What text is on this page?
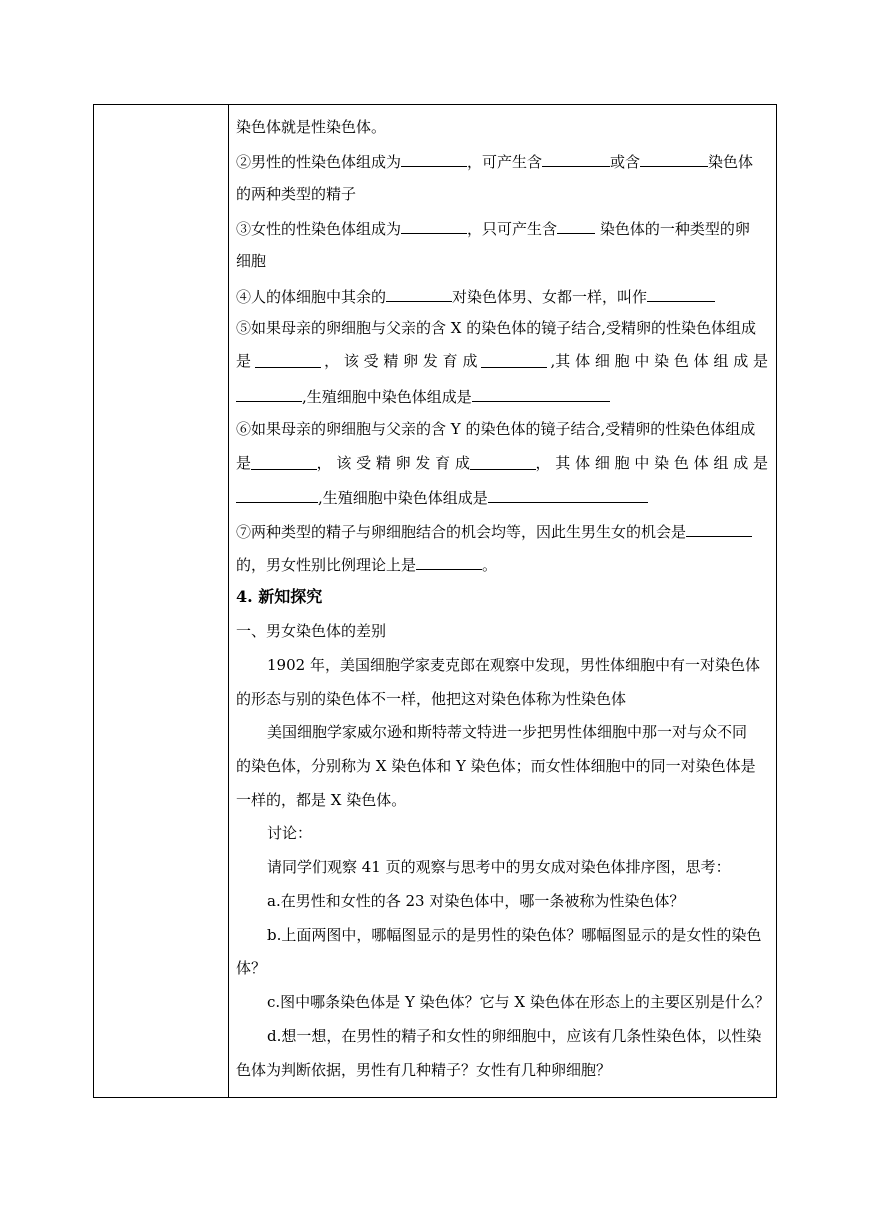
染色体就是性染色体。
②男性的性染色体组成为	，可产生含	或含	染色体
的两种类型的精子
③女性的性染色体组成为	，只可产生含	染色体的一种类型的卵
细胞
④人的体细胞中其余的	对染色体男、女都一样，叫作
⑤如果母亲的卵细胞与父亲的含 X 的染色体的镜子结合,受精卵的性染色体组成
是	， 该 受 精 卵 发 育 成	,其 体 细 胞 中 染 色 体 组 成 是
,生殖细胞中染色体组成是
⑥如果母亲的卵细胞与父亲的含 Y 的染色体的镜子结合,受精卵的性染色体组成
是	， 该 受 精 卵 发 育 成	， 其 体 细 胞 中 染 色 体 组 成 是
,生殖细胞中染色体组成是
⑦两种类型的精子与卵细胞结合的机会均等，因此生男生女的机会是
的，男女性别比例理论上是	。
4. 新知探究
一、男女染色体的差别
1902 年，美国细胞学家麦克郎在观察中发现，男性体细胞中有一对染色体
的形态与别的染色体不一样，他把这对染色体称为性染色体
美国细胞学家威尔逊和斯特蒂文特进一步把男性体细胞中那一对与众不同
的染色体，分别称为 X 染色体和 Y 染色体；而女性体细胞中的同一对染色体是
一样的，都是 X 染色体。
讨论：
请同学们观察 41 页的观察与思考中的男女成对染色体排序图，思考：
a.在男性和女性的各 23 对染色体中，哪一条被称为性染色体？
b.上面两图中，哪幅图显示的是男性的染色体？哪幅图显示的是女性的染色
体？
c.图中哪条染色体是 Y 染色体？它与 X 染色体在形态上的主要区别是什么？
d.想一想，在男性的精子和女性的卵细胞中，应该有几条性染色体，以性染
色体为判断依据，男性有几种精子？女性有几种卵细胞？
